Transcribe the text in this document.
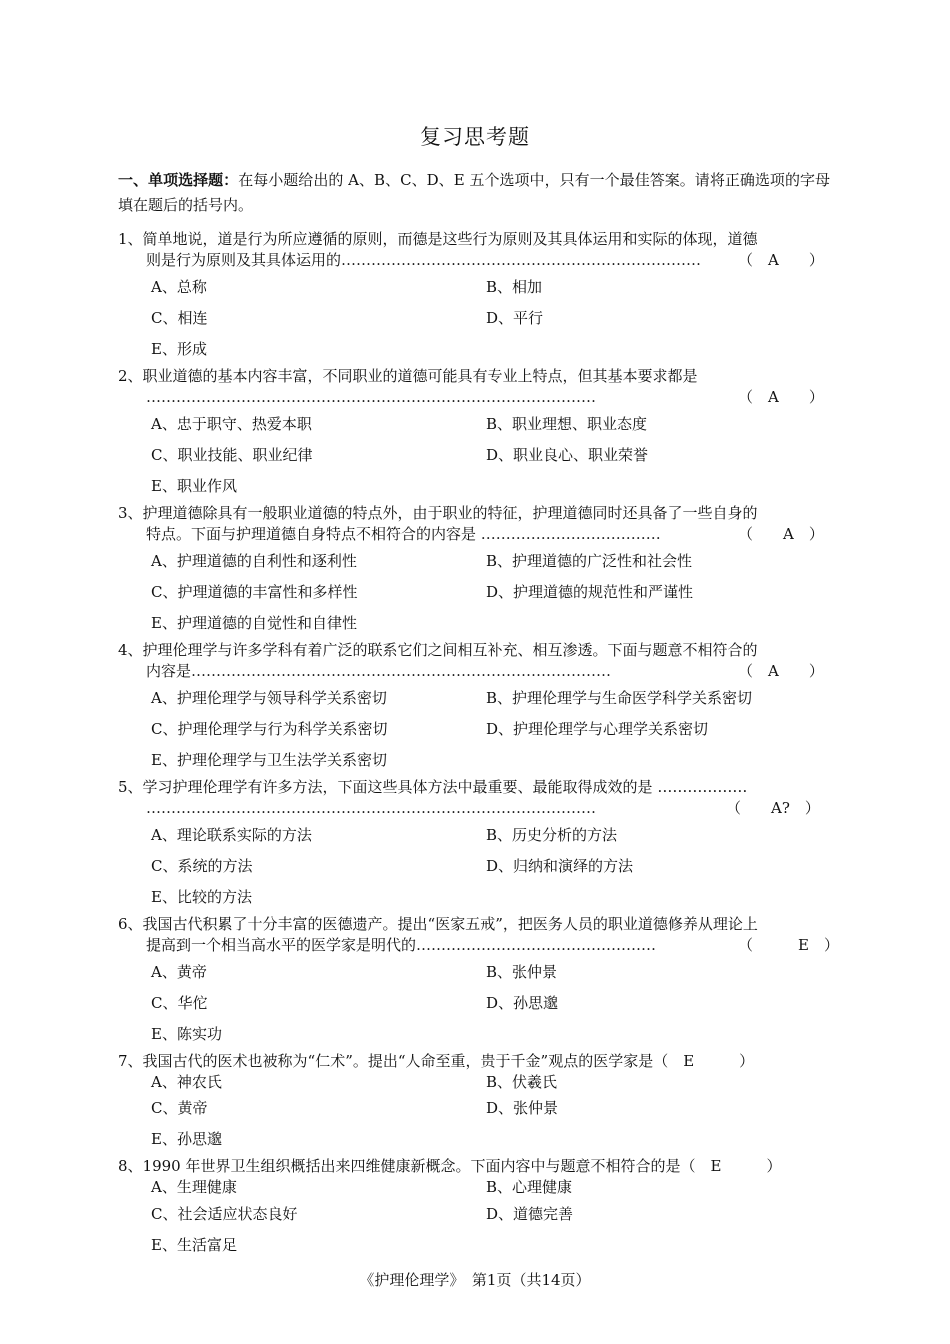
复习思考题
一、单项选择题：在每小题给出的 A、B、C、D、E 五个选项中，只有一个最佳答案。请将正确选项的字母填在题后的括号内。
1、简单地说，道是行为所应遵循的原则，而德是这些行为原则及其具体运用和实际的体现，道德
则是行为原则及其具体运用的………………………………………………………………	（　A　　）
A、总称	B、相加
C、相连	D、平行
E、形成
2、职业道德的基本内容丰富，不同职业的道德可能具有专业上特点，但其基本要求都是
………………………………………………………………………………	（　A　　）
A、忠于职守、热爱本职	B、职业理想、职业态度
C、职业技能、职业纪律	D、职业良心、职业荣誉
E、职业作风
3、护理道德除具有一般职业道德的特点外，由于职业的特征，护理道德同时还具备了一些自身的
特点。下面与护理道德自身特点不相符合的内容是 ………………………………	（　　A　）
A、护理道德的自利性和逐利性	B、护理道德的广泛性和社会性
C、护理道德的丰富性和多样性	D、护理道德的规范性和严谨性
E、护理道德的自觉性和自律性
4、护理伦理学与许多学科有着广泛的联系它们之间相互补充、相互渗透。下面与题意不相符合的
内容是…………………………………………………………………………	（　A　　）
A、护理伦理学与领导科学关系密切	B、护理伦理学与生命医学科学关系密切
C、护理伦理学与行为科学关系密切	D、护理伦理学与心理学关系密切
E、护理伦理学与卫生法学关系密切
5、学习护理伦理学有许多方法，下面这些具体方法中最重要、最能取得成效的是 ………………
………………………………………………………………………………	（　　A?　）
A、理论联系实际的方法	B、历史分析的方法
C、系统的方法	D、归纳和演绎的方法
E、比较的方法
6、我国古代积累了十分丰富的医德遗产。提出“医家五戒”，把医务人员的职业道德修养从理论上
提高到一个相当高水平的医学家是明代的…………………………………………	（　　　E　）
A、黄帝	B、张仲景
C、华佗	D、孙思邈
E、陈实功
7、我国古代的医术也被称为“仁术”。提出“人命至重，贵于千金”观点的医学家是（　E　　　）
A、神农氏	B、伏羲氏
C、黄帝	D、张仲景
E、孙思邈
8、1990 年世界卫生组织概括出来四维健康新概念。下面内容中与题意不相符合的是（　E　　　）
A、生理健康	B、心理健康
C、社会适应状态良好	D、道德完善
E、生活富足
《护理伦理学》　第1页（共14页）
